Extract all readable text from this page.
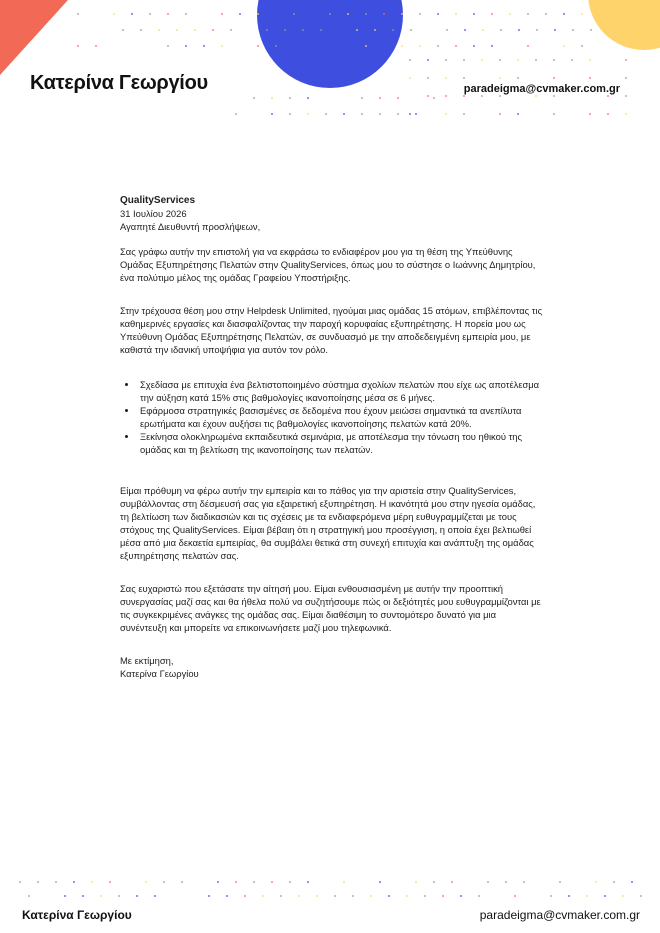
Κατερίνα Γεωργίου	paradeigma@cvmaker.com.gr

QualityServices

31 Ιουλίου 2026

Αγαπητέ Διευθυντή προσλήψεων,

Σας γράφω αυτήν την επιστολή για να εκφράσω το ενδιαφέρον μου για τη θέση της Υπεύθυνης Ομάδας Εξυπηρέτησης Πελατών στην QualityServices, όπως μου το σύστησε ο Ιωάννης Δημητρίου, ένα πολύτιμο μέλος της ομάδας Γραφείου Υποστήριξης.

Στην τρέχουσα θέση μου στην Helpdesk Unlimited, ηγούμαι μιας ομάδας 15 ατόμων, επιβλέποντας τις καθημερινές εργασίες και διασφαλίζοντας την παροχή κορυφαίας εξυπηρέτησης. Η πορεία μου ως Υπεύθυνη Ομάδας Εξυπηρέτησης Πελατών, σε συνδυασμό με την αποδεδειγμένη εμπειρία μου, με καθιστά την ιδανική υποψήφια για αυτόν τον ρόλο.

• Σχεδίασα με επιτυχία ένα βελτιστοποιημένο σύστημα σχολίων πελατών που είχε ως αποτέλεσμα την αύξηση κατά 15% στις βαθμολογίες ικανοποίησης μέσα σε 6 μήνες.
• Εφάρμοσα στρατηγικές βασισμένες σε δεδομένα που έχουν μειώσει σημαντικά τα ανεπίλυτα ερωτήματα και έχουν αυξήσει τις βαθμολογίες ικανοποίησης πελατών κατά 20%.
• Ξεκίνησα ολοκληρωμένα εκπαιδευτικά σεμινάρια, με αποτέλεσμα την τόνωση του ηθικού της ομάδας και τη βελτίωση της ικανοποίησης των πελατών.

Είμαι πρόθυμη να φέρω αυτήν την εμπειρία και το πάθος για την αριστεία στην QualityServices, συμβάλλοντας στη δέσμευσή σας για εξαιρετική εξυπηρέτηση. Η ικανότητά μου στην ηγεσία ομάδας, τη βελτίωση των διαδικασιών και τις σχέσεις με τα ενδιαφερόμενα μέρη ευθυγραμμίζεται με τους στόχους της QualityServices. Είμαι βέβαιη ότι η στρατηγική μου προσέγγιση, η οποία έχει βελτιωθεί μέσα από μια δεκαετία εμπειρίας, θα συμβάλει θετικά στη συνεχή επιτυχία και ανάπτυξη της ομάδας εξυπηρέτησης πελατών σας.

Σας ευχαριστώ που εξετάσατε την αίτησή μου. Είμαι ενθουσιασμένη με αυτήν την προοπτική συνεργασίας μαζί σας και θα ήθελα πολύ να συζητήσουμε πώς οι δεξιότητές μου ευθυγραμμίζονται με τις συγκεκριμένες ανάγκες της ομάδας σας. Είμαι διαθέσιμη το συντομότερο δυνατό για μια συνέντευξη και μπορείτε να επικοινωνήσετε μαζί μου τηλεφωνικά.

Με εκτίμηση,

Κατερίνα Γεωργίου

Κατερίνα Γεωργίου	paradeigma@cvmaker.com.gr
